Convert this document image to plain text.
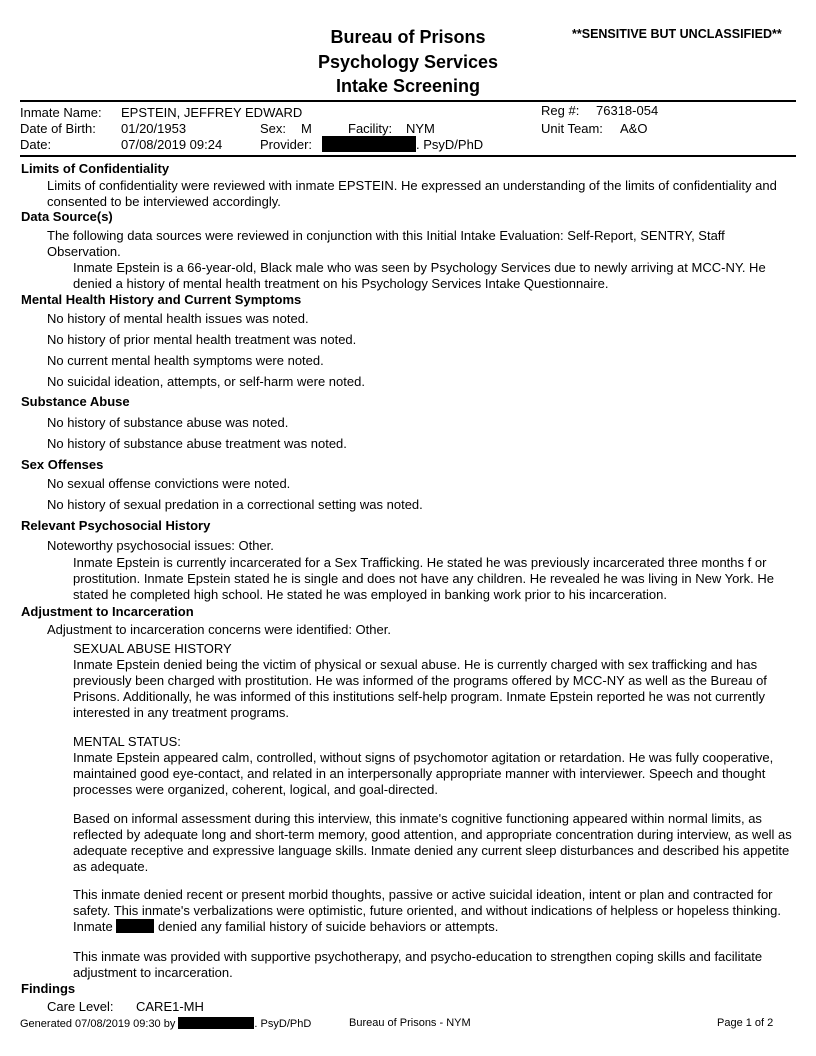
Bureau of Prisons
Psychology Services
Intake Screening
**SENSITIVE BUT UNCLASSIFIED**
Inmate Name: EPSTEIN, JEFFREY EDWARD
Date of Birth: 01/20/1953
Date:	07/08/2019 09:24
Sex: M	Facility: NYM
Provider:	. PsyD/PhD
Reg #: 76318-054
Unit Team: A&O
Limits of Confidentiality
Limits of confidentiality were reviewed with inmate EPSTEIN. He expressed an understanding of the limits of confidentiality and consented to be interviewed accordingly.
Data Source(s)
The following data sources were reviewed in conjunction with this Initial Intake Evaluation: Self-Report, SENTRY, Staff Observation.
Inmate Epstein is a 66-year-old, Black male who was seen by Psychology Services due to newly arriving at MCC-NY. He denied a history of mental health treatment on his Psychology Services Intake Questionnaire.
Mental Health History and Current Symptoms
No history of mental health issues was noted.
No history of prior mental health treatment was noted.
No current mental health symptoms were noted.
No suicidal ideation, attempts, or self-harm were noted.
Substance Abuse
No history of substance abuse was noted.
No history of substance abuse treatment was noted.
Sex Offenses
No sexual offense convictions were noted.
No history of sexual predation in a correctional setting was noted.
Relevant Psychosocial History
Noteworthy psychosocial issues: Other.
Inmate Epstein is currently incarcerated for a Sex Trafficking. He stated he was previously incarcerated three months f or prostitution. Inmate Epstein stated he is single and does not have any children. He revealed he was living in New York. He stated he completed high school. He stated he was employed in banking work prior to his incarceration.
Adjustment to Incarceration
Adjustment to incarceration concerns were identified: Other.
SEXUAL ABUSE HISTORY
Inmate Epstein denied being the victim of physical or sexual abuse. He is currently charged with sex trafficking and has previously been charged with prostitution. He was informed of the programs offered by MCC-NY as well as the Bureau of Prisons. Additionally, he was informed of this institutions self-help program. Inmate Epstein reported he was not currently interested in any treatment programs.
MENTAL STATUS:
Inmate Epstein appeared calm, controlled, without signs of psychomotor agitation or retardation. He was fully cooperative, maintained good eye-contact, and related in an interpersonally appropriate manner with interviewer. Speech and thought processes were organized, coherent, logical, and goal-directed.
Based on informal assessment during this interview, this inmate's cognitive functioning appeared within normal limits, as reflected by adequate long and short-term memory, good attention, and appropriate concentration during interview, as well as adequate receptive and expressive language skills. Inmate denied any current sleep disturbances and described his appetite as adequate.
This inmate denied recent or present morbid thoughts, passive or active suicidal ideation, intent or plan and contracted for safety. This inmate's verbalizations were optimistic, future oriented, and without indications of helpless or hopeless thinking. Inmate	denied any familial history of suicide behaviors or attempts.
This inmate was provided with supportive psychotherapy, and psycho-education to strengthen coping skills and facilitate adjustment to incarceration.
Findings
Care Level: CARE1-MH
Generated 07/08/2019 09:30 by	. PsyD/PhD	Bureau of Prisons - NYM	Page 1 of 2
